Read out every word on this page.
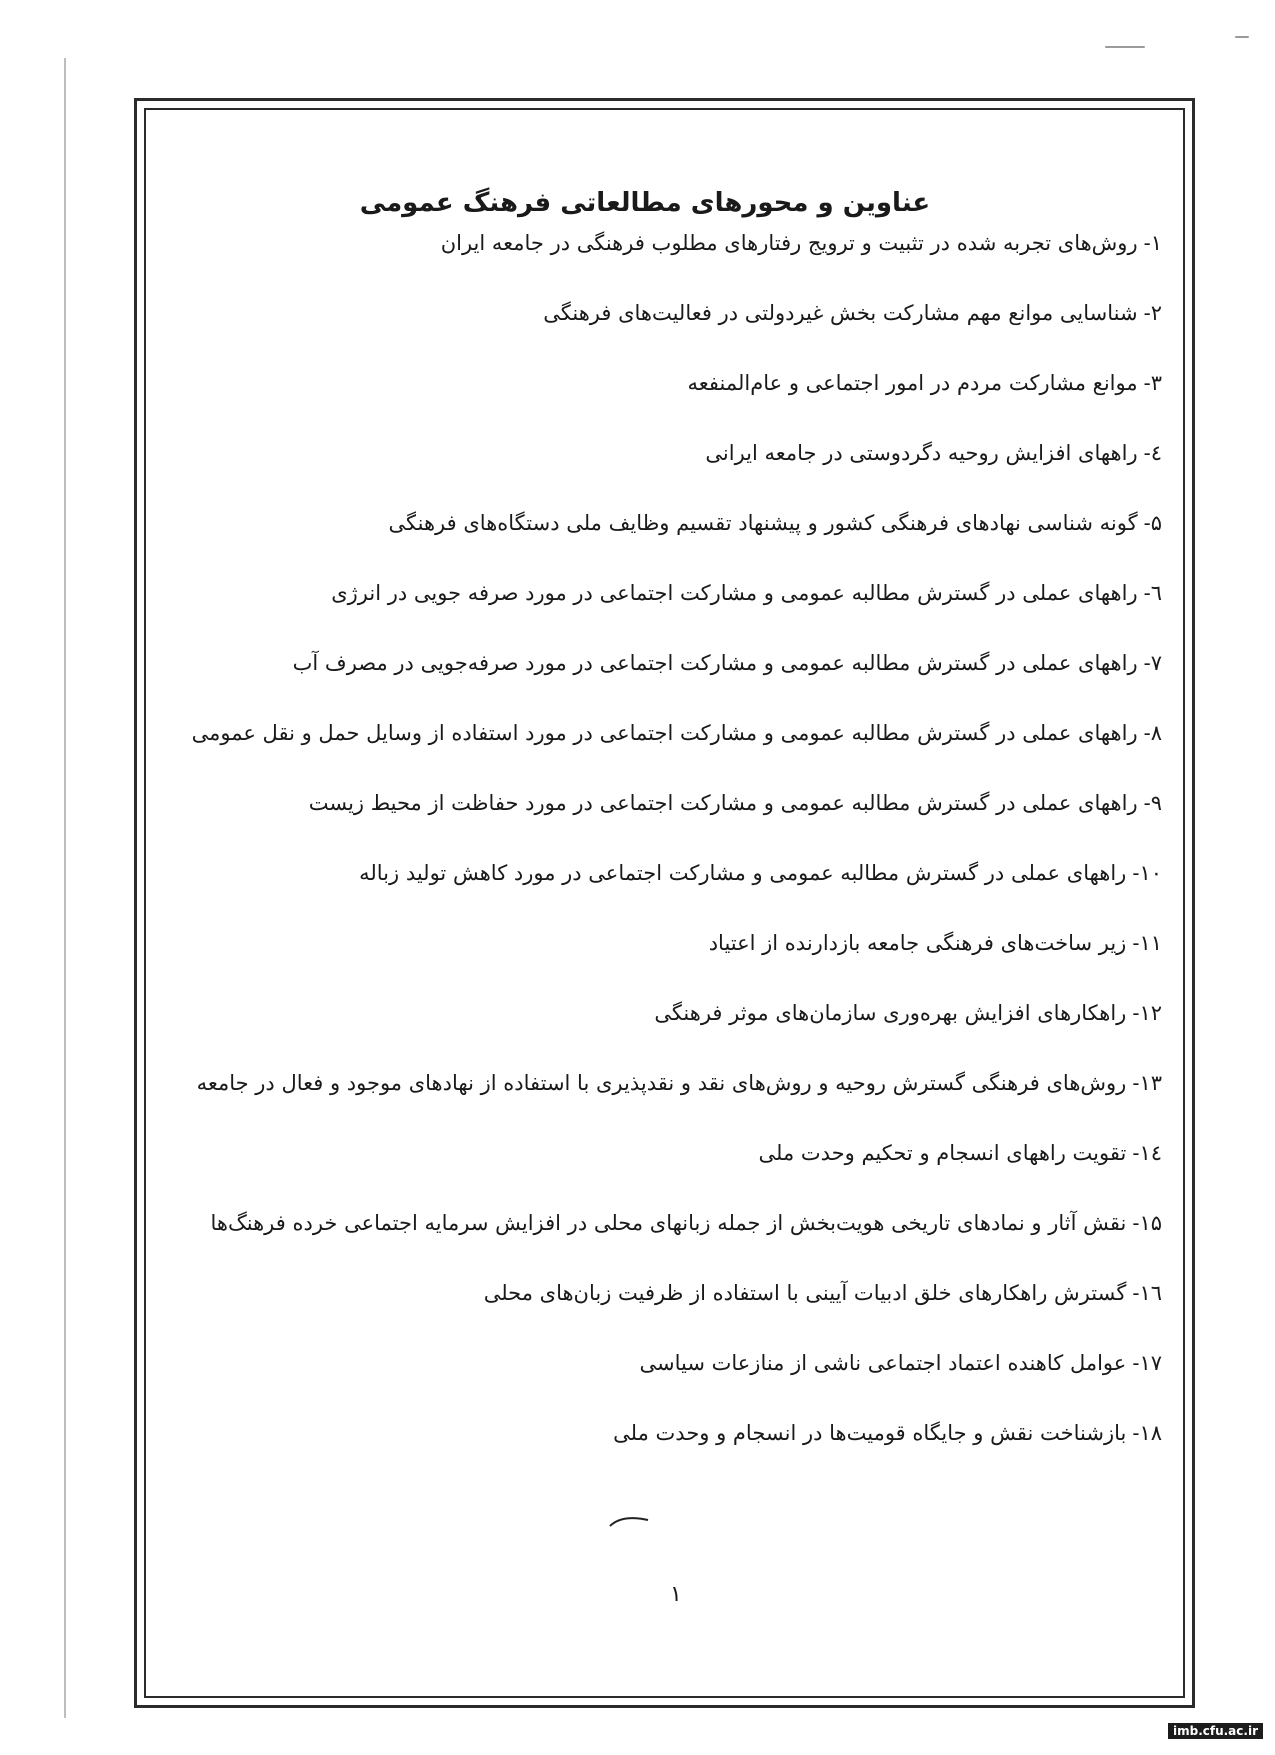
عناوین و محورهای مطالعاتی فرهنگ عمومی
۱-روش‌های تجربه شده در تثبیت و ترویج رفتارهای مطلوب فرهنگی در جامعه ایران
۲-شناسایی موانع مهم مشارکت بخش غیردولتی در فعالیت‌های فرهنگی
۳-موانع مشارکت مردم در امور اجتماعی و عام‌المنفعه
٤-راههای افزایش روحیه دگردوستی در جامعه ایرانی
۵-گونه شناسی نهادهای فرهنگی کشور و پیشنهاد تقسیم وظایف ملی دستگاه‌های فرهنگی
٦-راههای عملی در گسترش مطالبه عمومی و مشارکت اجتماعی در مورد صرفه جویی در انرژی
۷-راههای عملی در گسترش مطالبه عمومی و مشارکت اجتماعی در مورد صرفه‌جویی در مصرف آب
۸-راههای عملی در گسترش مطالبه عمومی و مشارکت اجتماعی در مورد استفاده از وسایل حمل و نقل عمومی
۹-راههای عملی در گسترش مطالبه عمومی و مشارکت اجتماعی در مورد حفاظت از محیط زیست
۱۰-راههای عملی در گسترش مطالبه عمومی و مشارکت اجتماعی در مورد کاهش تولید زباله
۱۱-زیر ساخت‌های فرهنگی جامعه بازدارنده از اعتیاد
۱۲-راهکارهای افزایش بهره‌وری سازمان‌های موثر فرهنگی
۱۳-روش‌های فرهنگی گسترش روحیه و روش‌های نقد و نقدپذیری با استفاده از نهادهای موجود و فعال در جامعه
١٤-تقویت راههای انسجام و تحکیم وحدت ملی
۱۵-نقش آثار و نمادهای تاریخی هویت‌بخش از جمله زبانهای محلی در افزایش سرمایه اجتماعی خرده فرهنگ‌ها
۱٦-گسترش راهکارهای خلق ادبیات آیینی با استفاده از ظرفیت زبان‌های محلی
۱۷-عوامل کاهنده اعتماد اجتماعی ناشی از منازعات سیاسی
۱۸-بازشناخت نقش و جایگاه قومیت‌ها در انسجام و وحدت ملی
۱
imb.cfu.ac.ir
